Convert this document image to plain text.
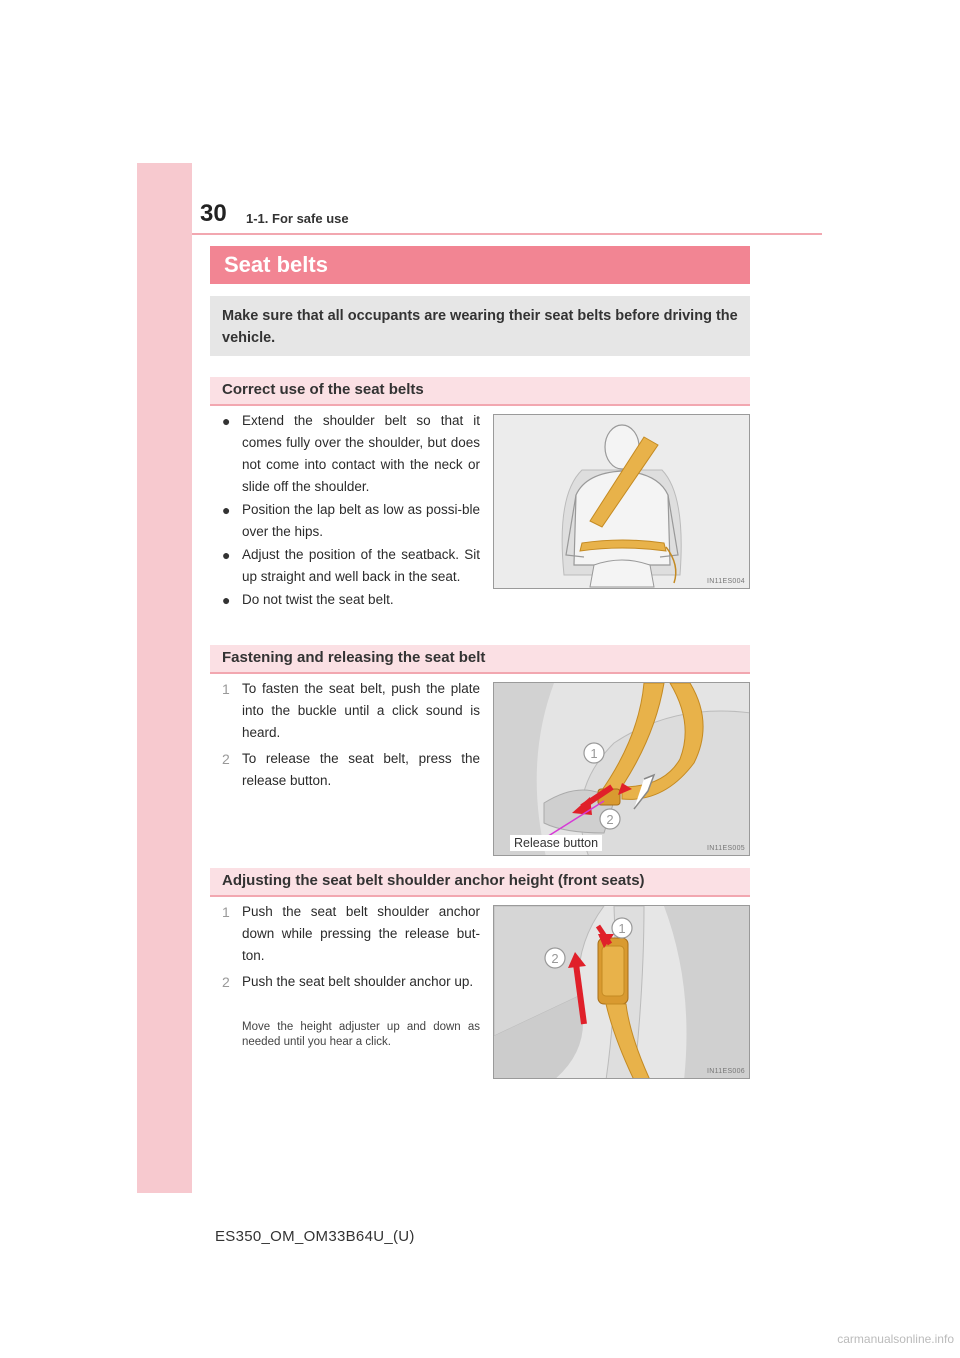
30 1-1. For safe use
Seat belts
Make sure that all occupants are wearing their seat belts before driving the vehicle.
Correct use of the seat belts
● Extend the shoulder belt so that it comes fully over the shoulder, but does not come into contact with the neck or slide off the shoulder.
● Position the lap belt as low as possi-ble over the hips.
● Adjust the position of the seatback. Sit up straight and well back in the seat.
● Do not twist the seat belt.
IN11ES004
Fastening and releasing the seat belt
1 To fasten the seat belt, push the plate into the buckle until a click sound is heard.
2 To release the seat belt, press the release button.
1
2
Release button	IN11ES005
Adjusting the seat belt shoulder anchor height (front seats)
1 Push the seat belt shoulder anchor down while pressing the release but-ton.
2 Push the seat belt shoulder anchor up.
Move the height adjuster up and down as needed until you hear a click.
1
2
IN11ES006
ES350_OM_OM33B64U_(U)
carmanualsonline.info
